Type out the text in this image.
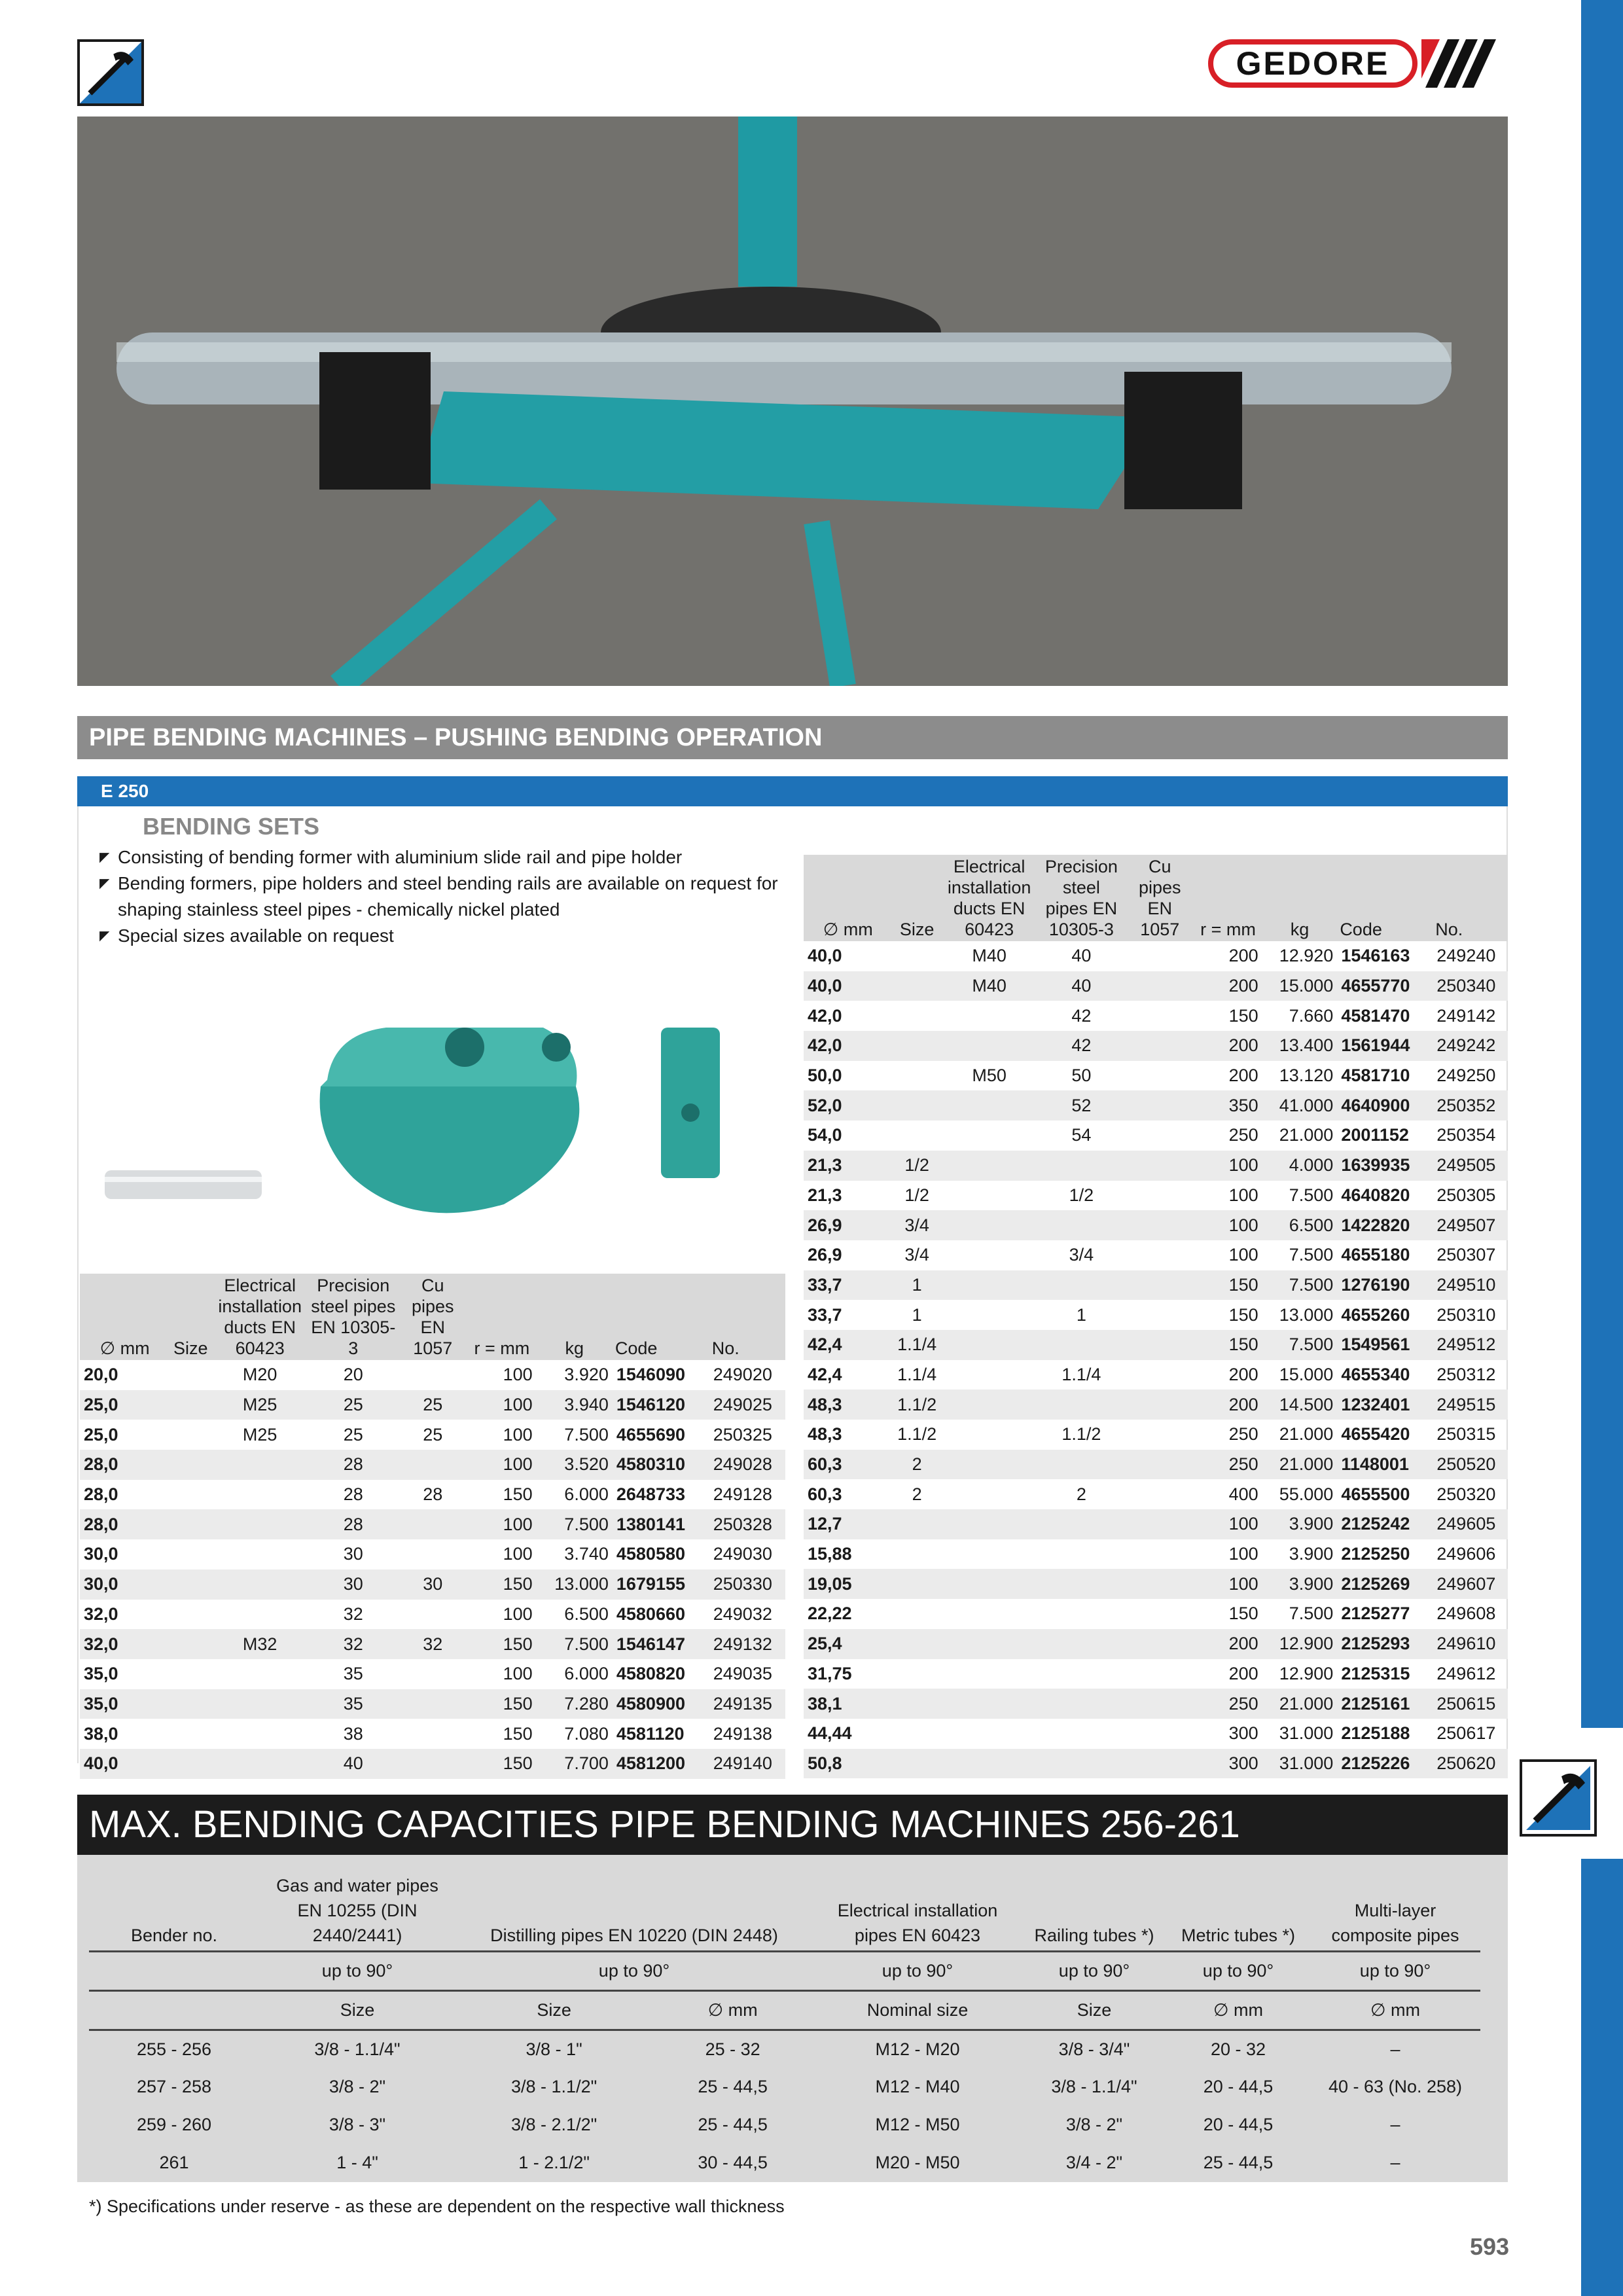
GEDORE
PIPE BENDING MACHINES – PUSHING BENDING OPERATION
E 250
BENDING SETS
◤ Consisting of bending former with aluminium slide rail and pipe holder
◤ Bending formers, pipe holders and steel bending rails are available on request for shaping stainless steel pipes - chemically nickel plated
◤ Special sizes available on request
∅ mm	Size	Electrical installation ducts EN 60423	Precision steel pipes EN 10305-3	Cu pipes EN 1057	r = mm	kg	Code	No.
20,0		M20	20		100	3.920	1546090	249020
25,0		M25	25	25	100	3.940	1546120	249025
25,0		M25	25	25	100	7.500	4655690	250325
28,0			28		100	3.520	4580310	249028
28,0			28	28	150	6.000	2648733	249128
28,0			28		100	7.500	1380141	250328
30,0			30		100	3.740	4580580	249030
30,0			30	30	150	13.000	1679155	250330
32,0			32		100	6.500	4580660	249032
32,0		M32	32	32	150	7.500	1546147	249132
35,0			35		100	6.000	4580820	249035
35,0			35		150	7.280	4580900	249135
38,0			38		150	7.080	4581120	249138
40,0			40		150	7.700	4581200	249140
∅ mm	Size	Electrical installation ducts EN 60423	Precision steel pipes EN 10305-3	Cu pipes EN 1057	r = mm	kg	Code	No.
40,0		M40	40		200	12.920	1546163	249240
40,0		M40	40		200	15.000	4655770	250340
42,0			42		150	7.660	4581470	249142
42,0			42		200	13.400	1561944	249242
50,0		M50	50		200	13.120	4581710	249250
52,0			52		350	41.000	4640900	250352
54,0			54		250	21.000	2001152	250354
21,3	1/2				100	4.000	1639935	249505
21,3	1/2		1/2		100	7.500	4640820	250305
26,9	3/4				100	6.500	1422820	249507
26,9	3/4		3/4		100	7.500	4655180	250307
33,7	1				150	7.500	1276190	249510
33,7	1		1		150	13.000	4655260	250310
42,4	1.1/4				150	7.500	1549561	249512
42,4	1.1/4		1.1/4		200	15.000	4655340	250312
48,3	1.1/2				200	14.500	1232401	249515
48,3	1.1/2		1.1/2		250	21.000	4655420	250315
60,3	2				250	21.000	1148001	250520
60,3	2		2		400	55.000	4655500	250320
12,7					100	3.900	2125242	249605
15,88					100	3.900	2125250	249606
19,05					100	3.900	2125269	249607
22,22					150	7.500	2125277	249608
25,4					200	12.900	2125293	249610
31,75					200	12.900	2125315	249612
38,1					250	21.000	2125161	250615
44,44					300	31.000	2125188	250617
50,8					300	31.000	2125226	250620
MAX. BENDING CAPACITIES PIPE BENDING MACHINES 256-261
Bender no.	Gas and water pipes EN 10255 (DIN 2440/2441)	Distilling pipes EN 10220 (DIN 2448)		Electrical installation pipes EN 60423	Railing tubes *)	Metric tubes *)	Multi-layer composite pipes
	up to 90°	up to 90°		up to 90°	up to 90°	up to 90°	up to 90°
	Size	Size	∅ mm	Nominal size	Size	∅ mm	∅ mm
255 - 256	3/8 - 1.1/4"	3/8 - 1"	25 - 32	M12 - M20	3/8 - 3/4"	20 - 32	–
257 - 258	3/8 - 2"	3/8 - 1.1/2"	25 - 44,5	M12 - M40	3/8 - 1.1/4"	20 - 44,5	40 - 63 (No. 258)
259 - 260	3/8 - 3"	3/8 - 2.1/2"	25 - 44,5	M12 - M50	3/8 - 2"	20 - 44,5	–
261	1 - 4"	1 - 2.1/2"	30 - 44,5	M20 - M50	3/4 - 2"	25 - 44,5	–
*) Specifications under reserve - as these are dependent on the respective wall thickness
593
